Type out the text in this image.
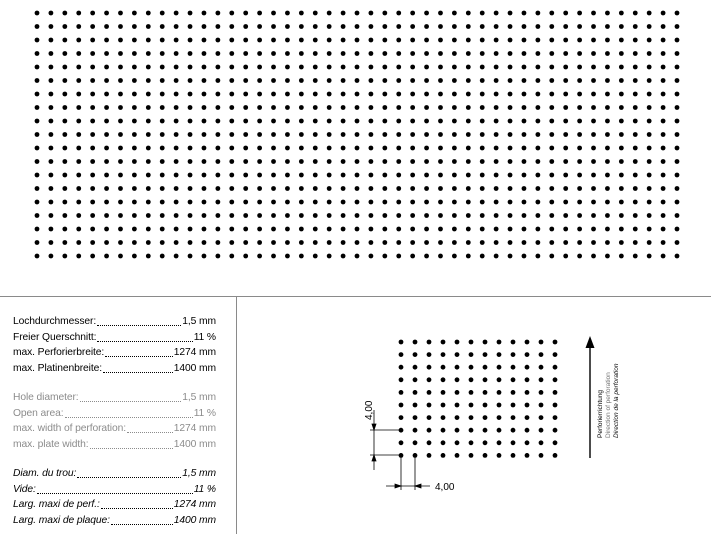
Lochdurchmesser:	1,5 mm
Freier Querschnitt:	11 %
max. Perforierbreite:	1274 mm
max. Platinenbreite:	1400 mm
Hole diameter:	1,5 mm
Open area:	11 %
max. width of perforation:	1274 mm
max. plate width:	1400 mm
Diam. du trou:	1,5 mm
Vide:	11 %
Larg. maxi de perf.:	1274 mm
Larg. maxi de plaque:	1400 mm
4,00
4,00
Perforierrichtung Direction of perforation Direction de la perforation
